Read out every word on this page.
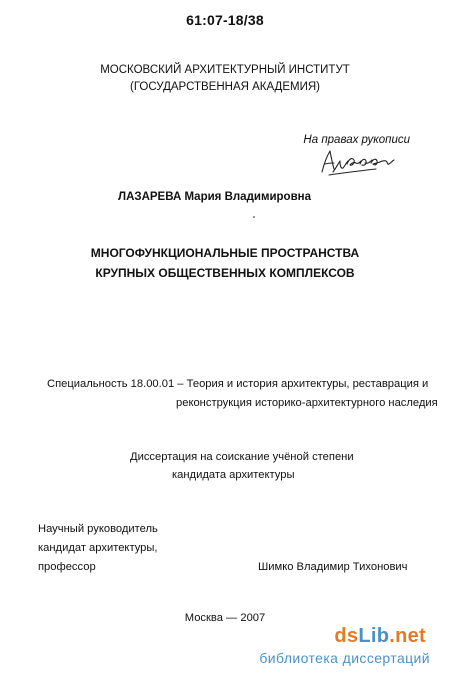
61:07-18/38
МОСКОВСКИЙ АРХИТЕКТУРНЫЙ ИНСТИТУТ
(ГОСУДАРСТВЕННАЯ АКАДЕМИЯ)
На правах рукописи
ЛАЗАРЕВА Мария Владимировна
МНОГОФУНКЦИОНАЛЬНЫЕ ПРОСТРАНСТВА
КРУПНЫХ ОБЩЕСТВЕННЫХ КОМПЛЕКСОВ
Специальность 18.00.01 – Теория и история архитектуры, реставрация и
реконструкция историко-архитектурного наследия
Диссертация на соискание учёной степени
кандидата архитектуры
Научный руководитель
кандидат архитектуры,
профессор	Шимко Владимир Тихонович
Москва — 2007
dsLib.net
библиотека диссертаций
